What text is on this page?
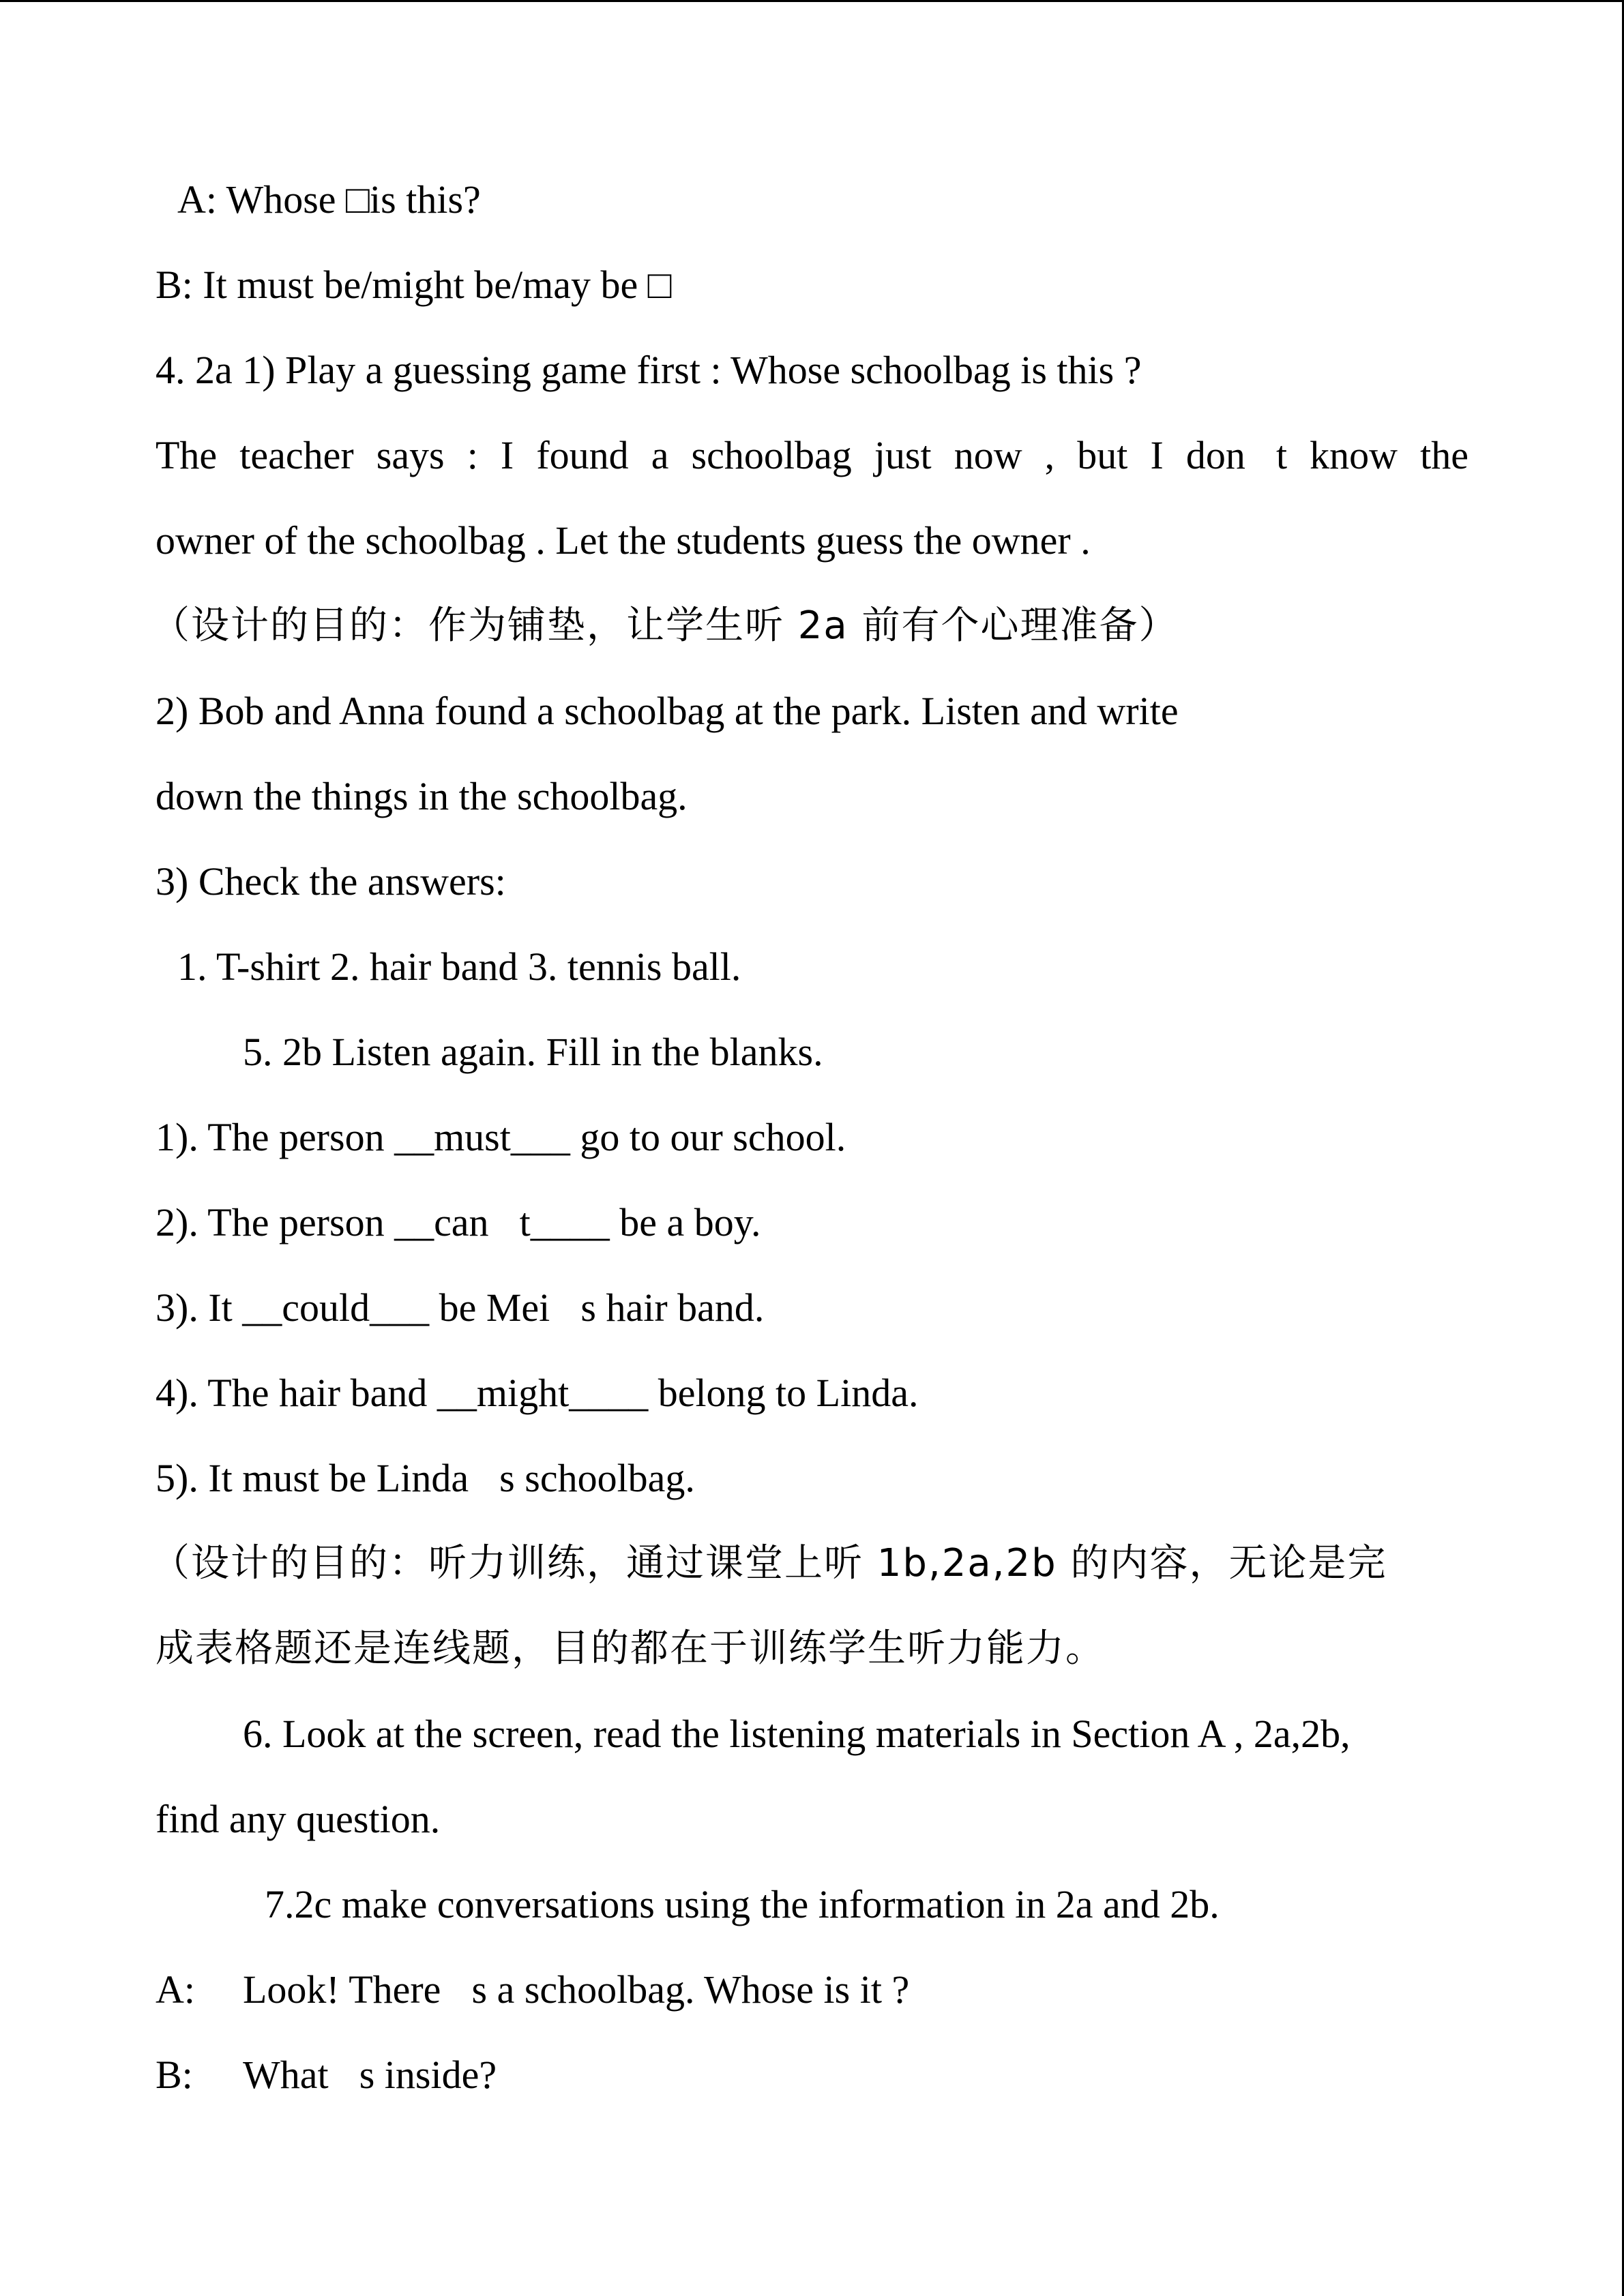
A: Whose □is this?
B: It must be/might be/may be □
4. 2a 1) Play a guessing game first : Whose schoolbag is this ?
The teacher says : I found a schoolbag just now , but I don t know the
owner of the schoolbag . Let the students guess the owner .
（设计的目的：作为铺垫，让学生听 2a 前有个心理准备）
2) Bob and Anna found a schoolbag at the park. Listen and write
down the things in the schoolbag.
3) Check the answers:
1. T-shirt 2. hair band 3. tennis ball.
5. 2b Listen again. Fill in the blanks.
1). The person __must___ go to our school.
2). The person __can t____ be a boy.
3). It __could___ be Mei s hair band.
4). The hair band __might____ belong to Linda.
5). It must be Linda s schoolbag.
（设计的目的：听力训练，通过课堂上听 1b,2a,2b 的内容，无论是完
成表格题还是连线题，目的都在于训练学生听力能力。
6. Look at the screen, read the listening materials in Section A , 2a,2b,
find any question.
7.2c make conversations using the information in 2a and 2b.
A: Look! There s a schoolbag. Whose is it ?
B: What s inside?
